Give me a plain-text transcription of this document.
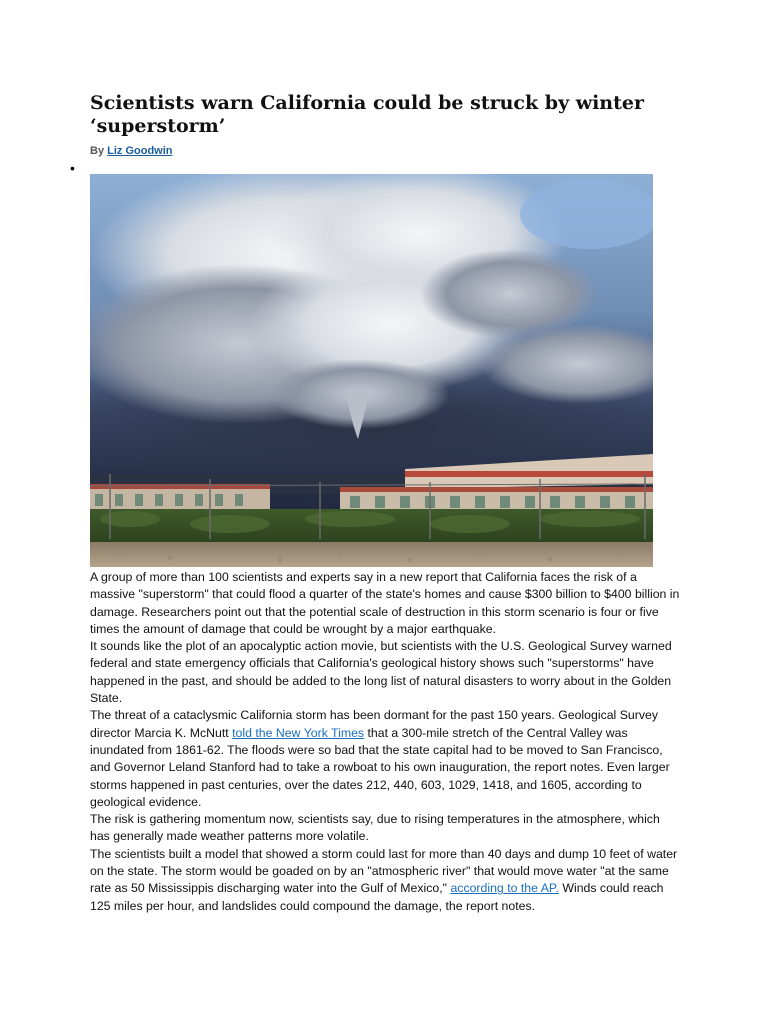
Scientists warn California could be struck by winter ‘superstorm’
By Liz Goodwin
•

A group of more than 100 scientists and experts say in a new report that California faces the risk of a massive "superstorm" that could flood a quarter of the state's homes and cause $300 billion to $400 billion in damage. Researchers point out that the potential scale of destruction in this storm scenario is four or five times the amount of damage that could be wrought by a major earthquake.

It sounds like the plot of an apocalyptic action movie, but scientists with the U.S. Geological Survey warned federal and state emergency officials that California's geological history shows such "superstorms" have happened in the past, and should be added to the long list of natural disasters to worry about in the Golden State.

The threat of a cataclysmic California storm has been dormant for the past 150 years. Geological Survey director Marcia K. McNutt told the New York Times that a 300-mile stretch of the Central Valley was inundated from 1861-62. The floods were so bad that the state capital had to be moved to San Francisco, and Governor Leland Stanford had to take a rowboat to his own inauguration, the report notes. Even larger storms happened in past centuries, over the dates 212, 440, 603, 1029, 1418, and 1605, according to geological evidence.

The risk is gathering momentum now, scientists say, due to rising temperatures in the atmosphere, which has generally made weather patterns more volatile.

The scientists built a model that showed a storm could last for more than 40 days and dump 10 feet of water on the state. The storm would be goaded on by an "atmospheric river" that would move water "at the same rate as 50 Mississippis discharging water into the Gulf of Mexico," according to the AP. Winds could reach 125 miles per hour, and landslides could compound the damage, the report notes.
